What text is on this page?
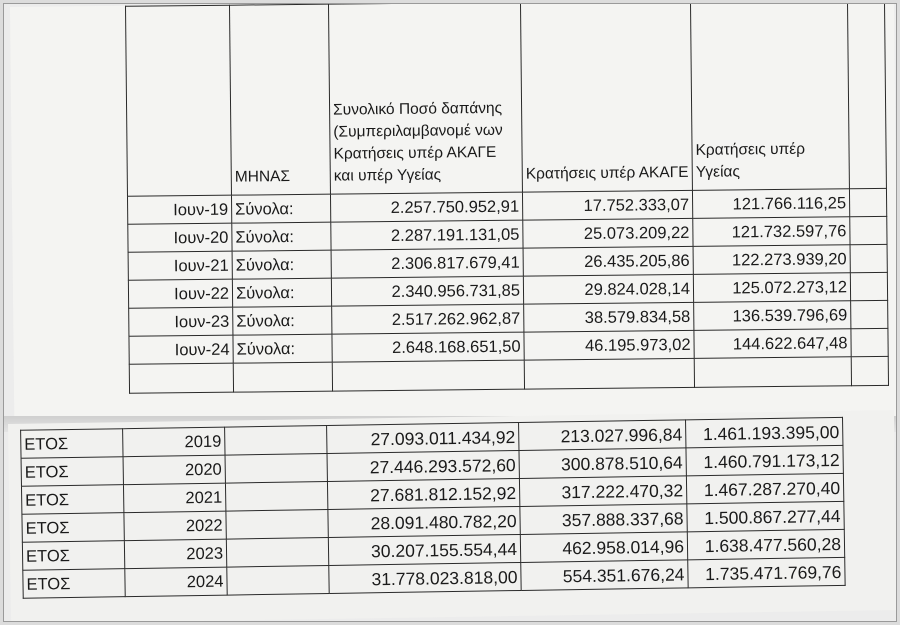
	ΜΗΝΑΣ	Συνολικό Ποσό δαπάνης (Συμπεριλαμβανομέ νων Κρατήσεις υπέρ ΑΚΑΓΕ και υπέρ Υγείας	Κρατήσεις υπέρ ΑΚΑΓΕ	Κρατήσεις υπέρ Υγείας	
Ιουν-19	Σύνολα:	2.257.750.952,91	17.752.333,07	121.766.116,25	
Ιουν-20	Σύνολα:	2.287.191.131,05	25.073.209,22	121.732.597,76	
Ιουν-21	Σύνολα:	2.306.817.679,41	26.435.205,86	122.273.939,20	
Ιουν-22	Σύνολα:	2.340.956.731,85	29.824.028,14	125.072.273,12	
Ιουν-23	Σύνολα:	2.517.262.962,87	38.579.834,58	136.539.796,69	
Ιουν-24	Σύνολα:	2.648.168.651,50	46.195.973,02	144.622.647,48	

ΕΤΟΣ	2019		27.093.011.434,92	213.027.996,84	1.461.193.395,00
ΕΤΟΣ	2020		27.446.293.572,60	300.878.510,64	1.460.791.173,12
ΕΤΟΣ	2021		27.681.812.152,92	317.222.470,32	1.467.287.270,40
ΕΤΟΣ	2022		28.091.480.782,20	357.888.337,68	1.500.867.277,44
ΕΤΟΣ	2023		30.207.155.554,44	462.958.014,96	1.638.477.560,28
ΕΤΟΣ	2024		31.778.023.818,00	554.351.676,24	1.735.471.769,76
